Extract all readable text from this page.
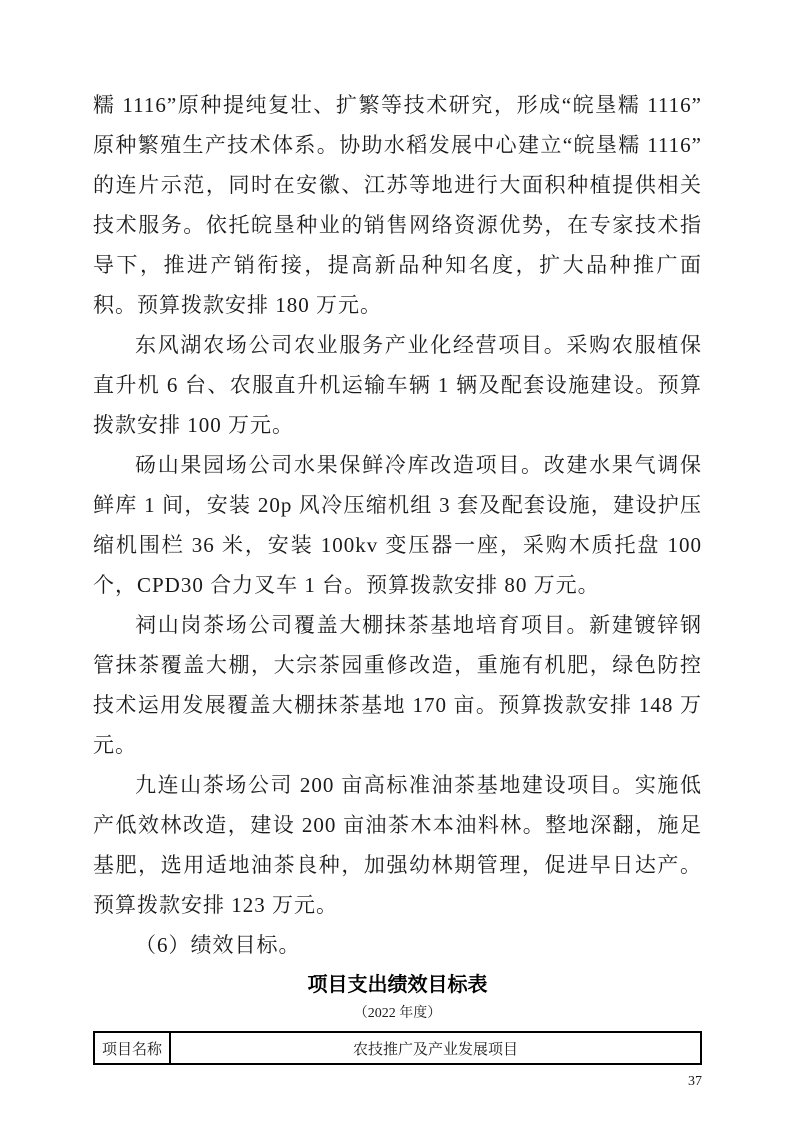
糯 1116”原种提纯复壮、扩繁等技术研究，形成“皖垦糯 1116”原种繁殖生产技术体系。协助水稻发展中心建立“皖垦糯 1116”的连片示范，同时在安徽、江苏等地进行大面积种植提供相关技术服务。依托皖垦种业的销售网络资源优势，在专家技术指导下，推进产销衔接，提高新品种知名度，扩大品种推广面积。预算拨款安排 180 万元。

东风湖农场公司农业服务产业化经营项目。采购农服植保直升机 6 台、农服直升机运输车辆 1 辆及配套设施建设。预算拨款安排 100 万元。

砀山果园场公司水果保鲜冷库改造项目。改建水果气调保鲜库 1 间，安装 20p 风冷压缩机组 3 套及配套设施，建设护压缩机围栏 36 米，安装 100kv 变压器一座，采购木质托盘 100 个，CPD30 合力叉车 1 台。预算拨款安排 80 万元。

祠山岗茶场公司覆盖大棚抹茶基地培育项目。新建镀锌钢管抹茶覆盖大棚，大宗茶园重修改造，重施有机肥，绿色防控技术运用发展覆盖大棚抹茶基地 170 亩。预算拨款安排 148 万元。

九连山茶场公司 200 亩高标准油茶基地建设项目。实施低产低效林改造，建设 200 亩油茶木本油料林。整地深翻，施足基肥，选用适地油茶良种，加强幼林期管理，促进早日达产。预算拨款安排 123 万元。

（6）绩效目标。

项目支出绩效目标表
（2022 年度）
项目名称	农技推广及产业发展项目
37
